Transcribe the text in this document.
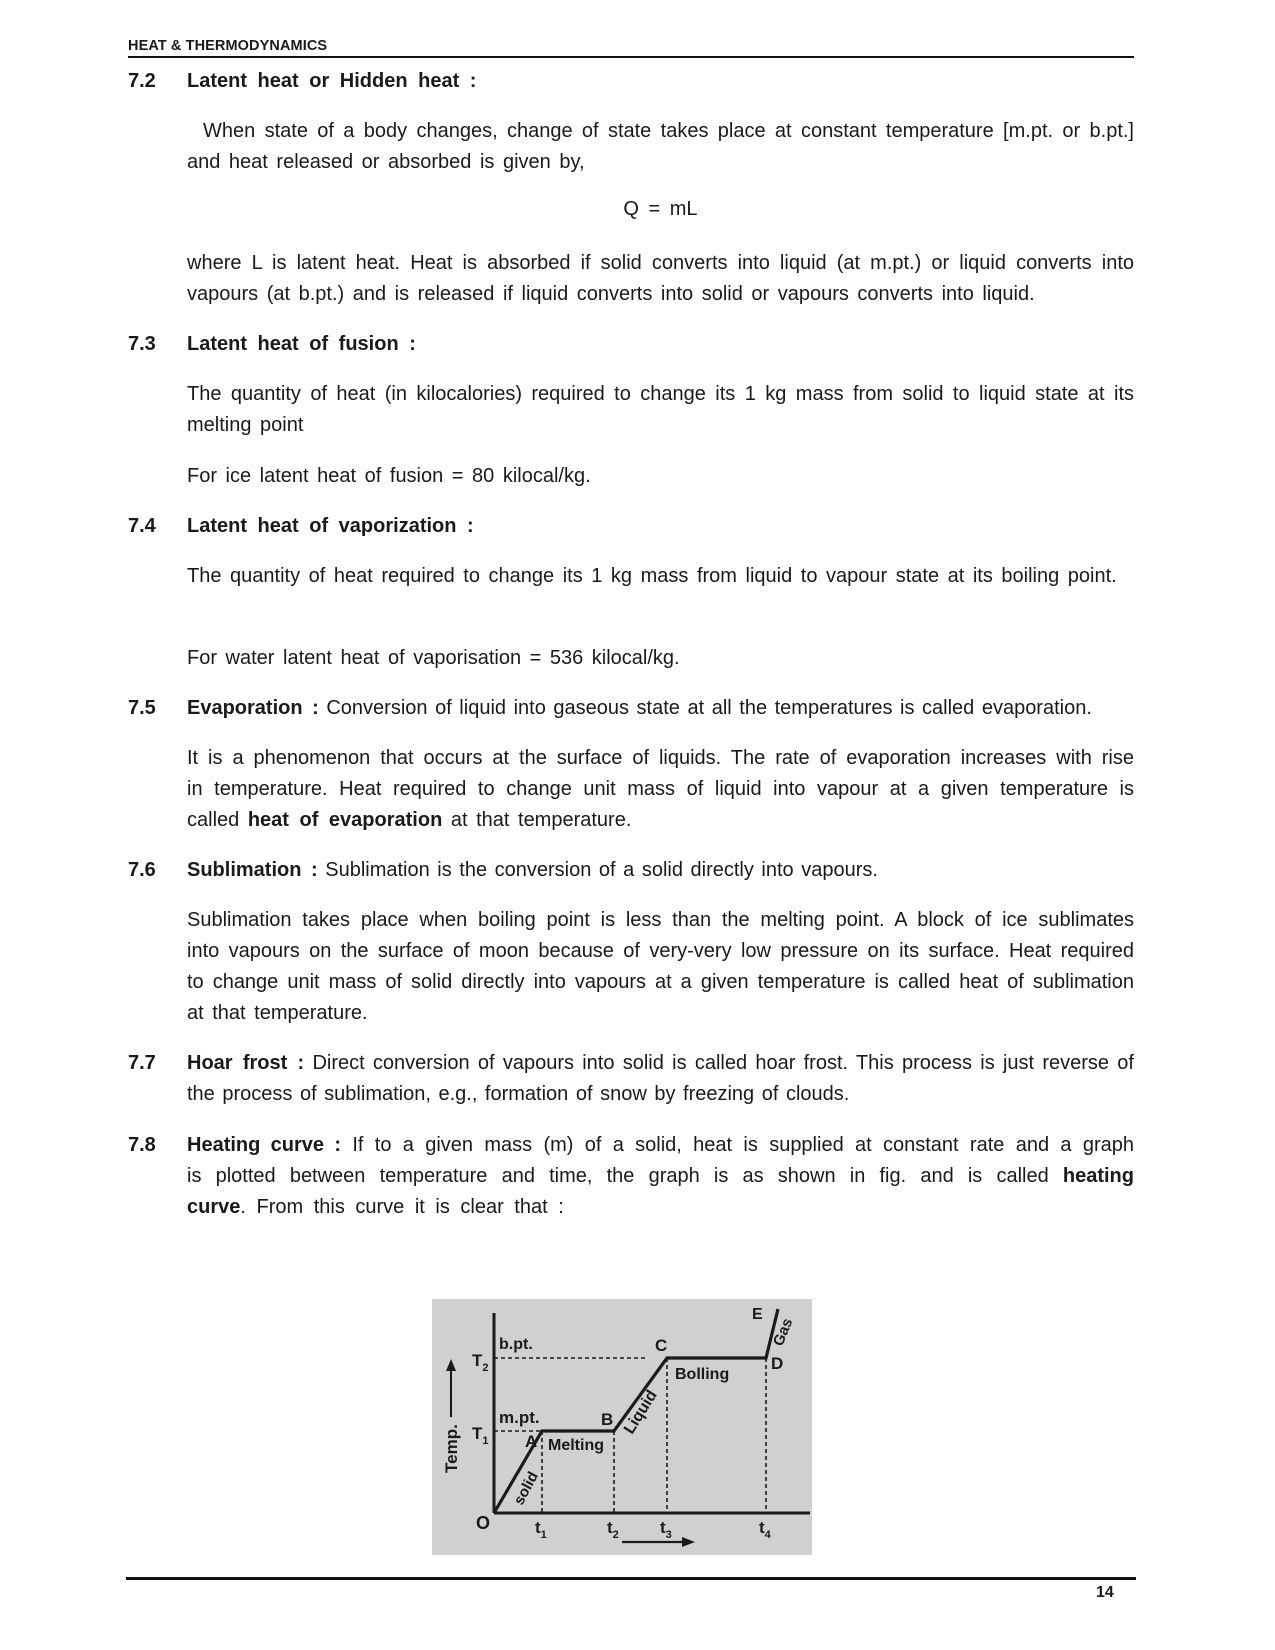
HEAT & THERMODYNAMICS
7.2 Latent heat or Hidden heat :
When state of a body changes, change of state takes place at constant temperature [m.pt. or b.pt.] and heat released or absorbed is given by,
Q = mL
where L is latent heat. Heat is absorbed if solid converts into liquid (at m.pt.) or liquid converts into vapours (at b.pt.) and is released if liquid converts into solid or vapours converts into liquid.
7.3 Latent heat of fusion :
The quantity of heat (in kilocalories) required to change its 1 kg mass from solid to liquid state at its melting point
For ice latent heat of fusion = 80 kilocal/kg.
7.4 Latent heat of vaporization :
The quantity of heat required to change its 1 kg mass from liquid to vapour state at its boiling point.
For water latent heat of vaporisation = 536 kilocal/kg.
7.5 Evaporation : Conversion of liquid into gaseous state at all the temperatures is called evaporation.
It is a phenomenon that occurs at the surface of liquids. The rate of evaporation increases with rise in temperature. Heat required to change unit mass of liquid into vapour at a given temperature is called heat of evaporation at that temperature.
7.6 Sublimation : Sublimation is the conversion of a solid directly into vapours.
Sublimation takes place when boiling point is less than the melting point. A block of ice sublimates into vapours on the surface of moon because of very-very low pressure on its surface. Heat required to change unit mass of solid directly into vapours at a given temperature is called heat of sublimation at that temperature.
7.7 Hoar frost : Direct conversion of vapours into solid is called hoar frost. This process is just reverse of the process of sublimation, e.g., formation of snow by freezing of clouds.
7.8 Heating curve : If to a given mass (m) of a solid, heat is supplied at constant rate and a graph is plotted between temperature and time, the graph is as shown in fig. and is called heating curve. From this curve it is clear that :
Temp. $T_1$
$T_2$
O	$t_1$	$t_2$ $t_3$	$t_4$
m.pt.
b.pt.
A
B
C
D
E
solid
Melting
Liquid
Bolling
Gas
14
